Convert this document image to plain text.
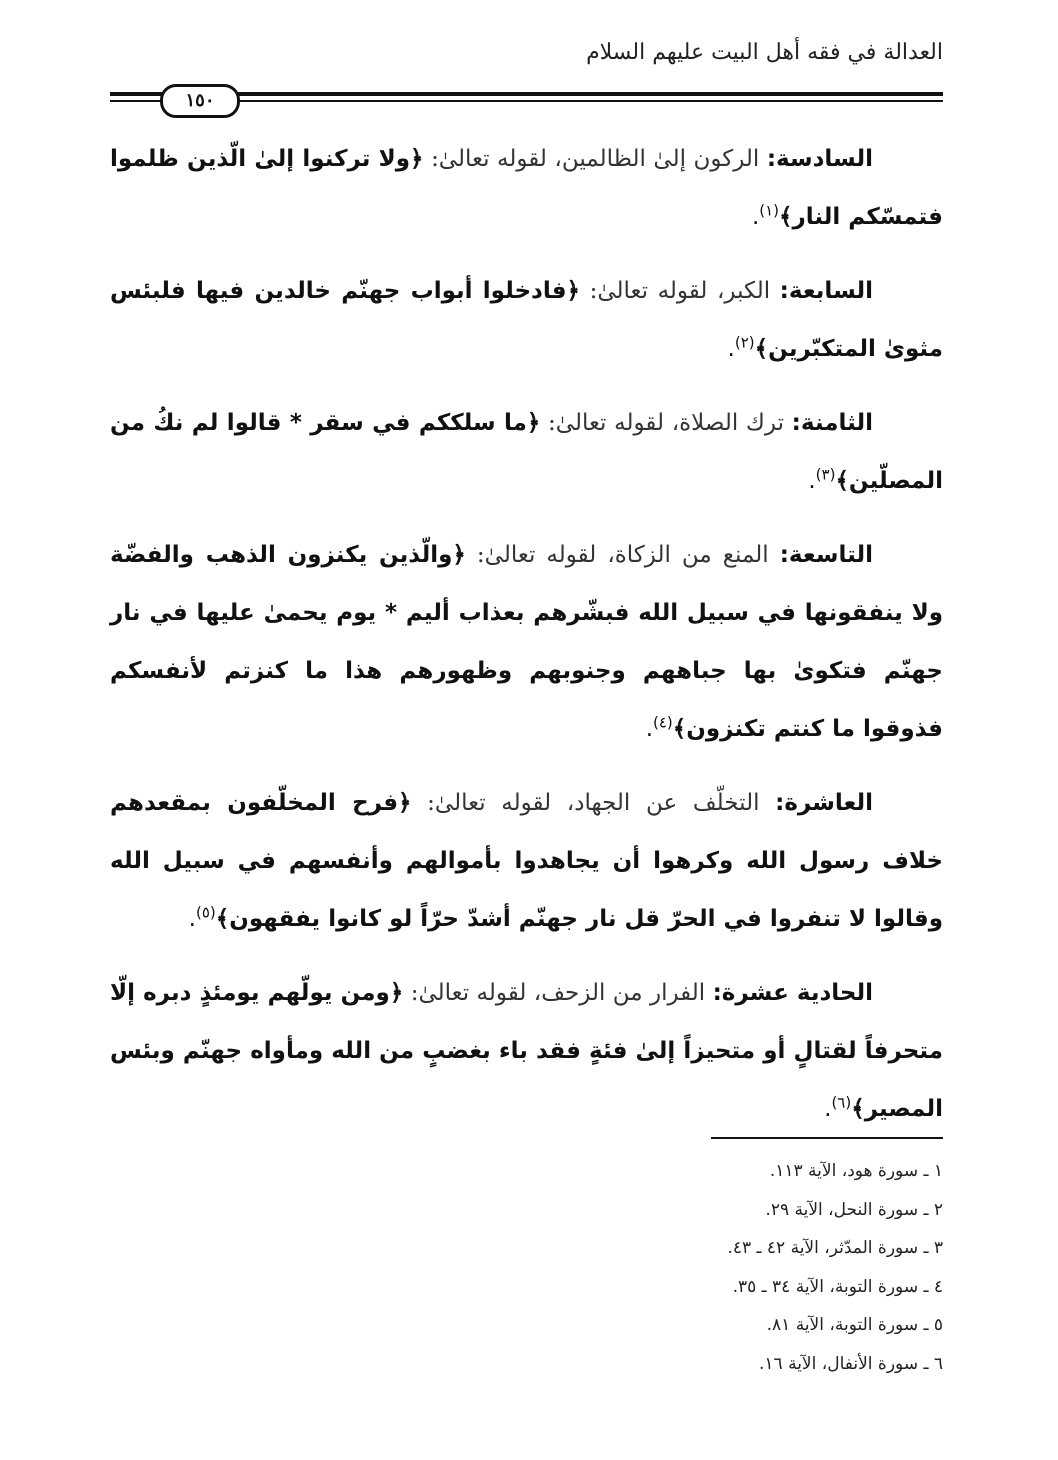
العدالة في فقه أهل البيت عليهم السلام
١٥٠

السادسة: الركون إلىٰ الظالمين، لقوله تعالىٰ: ﴿ولا تركنوا إلىٰ الّذين ظلموا فتمسّكم النار﴾$^{(١)}$.

السابعة: الكبر، لقوله تعالىٰ: ﴿فادخلوا أبواب جهنّم خالدين فيها فلبئس مثوىٰ المتكبّرين﴾$^{(٢)}$.

الثامنة: ترك الصلاة، لقوله تعالىٰ: ﴿ما سلككم في سقر * قالوا لم نكُ من المصلّين﴾$^{(٣)}$.

التاسعة: المنع من الزكاة، لقوله تعالىٰ: ﴿والّذين يكنزون الذهب والفضّة ولا ينفقونها في سبيل الله فبشّرهم بعذاب أليم * يوم يحمىٰ عليها في نار جهنّم فتكوىٰ بها جباههم وجنوبهم وظهورهم هذا ما كنزتم لأنفسكم فذوقوا ما كنتم تكنزون﴾$^{(٤)}$.

العاشرة: التخلّف عن الجهاد، لقوله تعالىٰ: ﴿فرح المخلّفون بمقعدهم خلاف رسول الله وكرهوا أن يجاهدوا بأموالهم وأنفسهم في سبيل الله وقالوا لا تنفروا في الحرّ قل نار جهنّم أشدّ حرّاً لو كانوا يفقهون﴾$^{(٥)}$.

الحادية عشرة: الفرار من الزحف، لقوله تعالىٰ: ﴿ومن يولّهم يومئذٍ دبره إلّا متحرفاً لقتالٍ أو متحيزاً إلىٰ فئةٍ فقد باء بغضبٍ من الله ومأواه جهنّم وبئس المصير﴾$^{(٦)}$.

١ ـ سورة هود، الآية ١١٣.
٢ ـ سورة النحل، الآية ٢٩.
٣ ـ سورة المدّثر، الآية ٤٢ ـ ٤٣.
٤ ـ سورة التوبة، الآية ٣٤ ـ ٣٥.
٥ ـ سورة التوبة، الآية ٨١.
٦ ـ سورة الأنفال، الآية ١٦.
